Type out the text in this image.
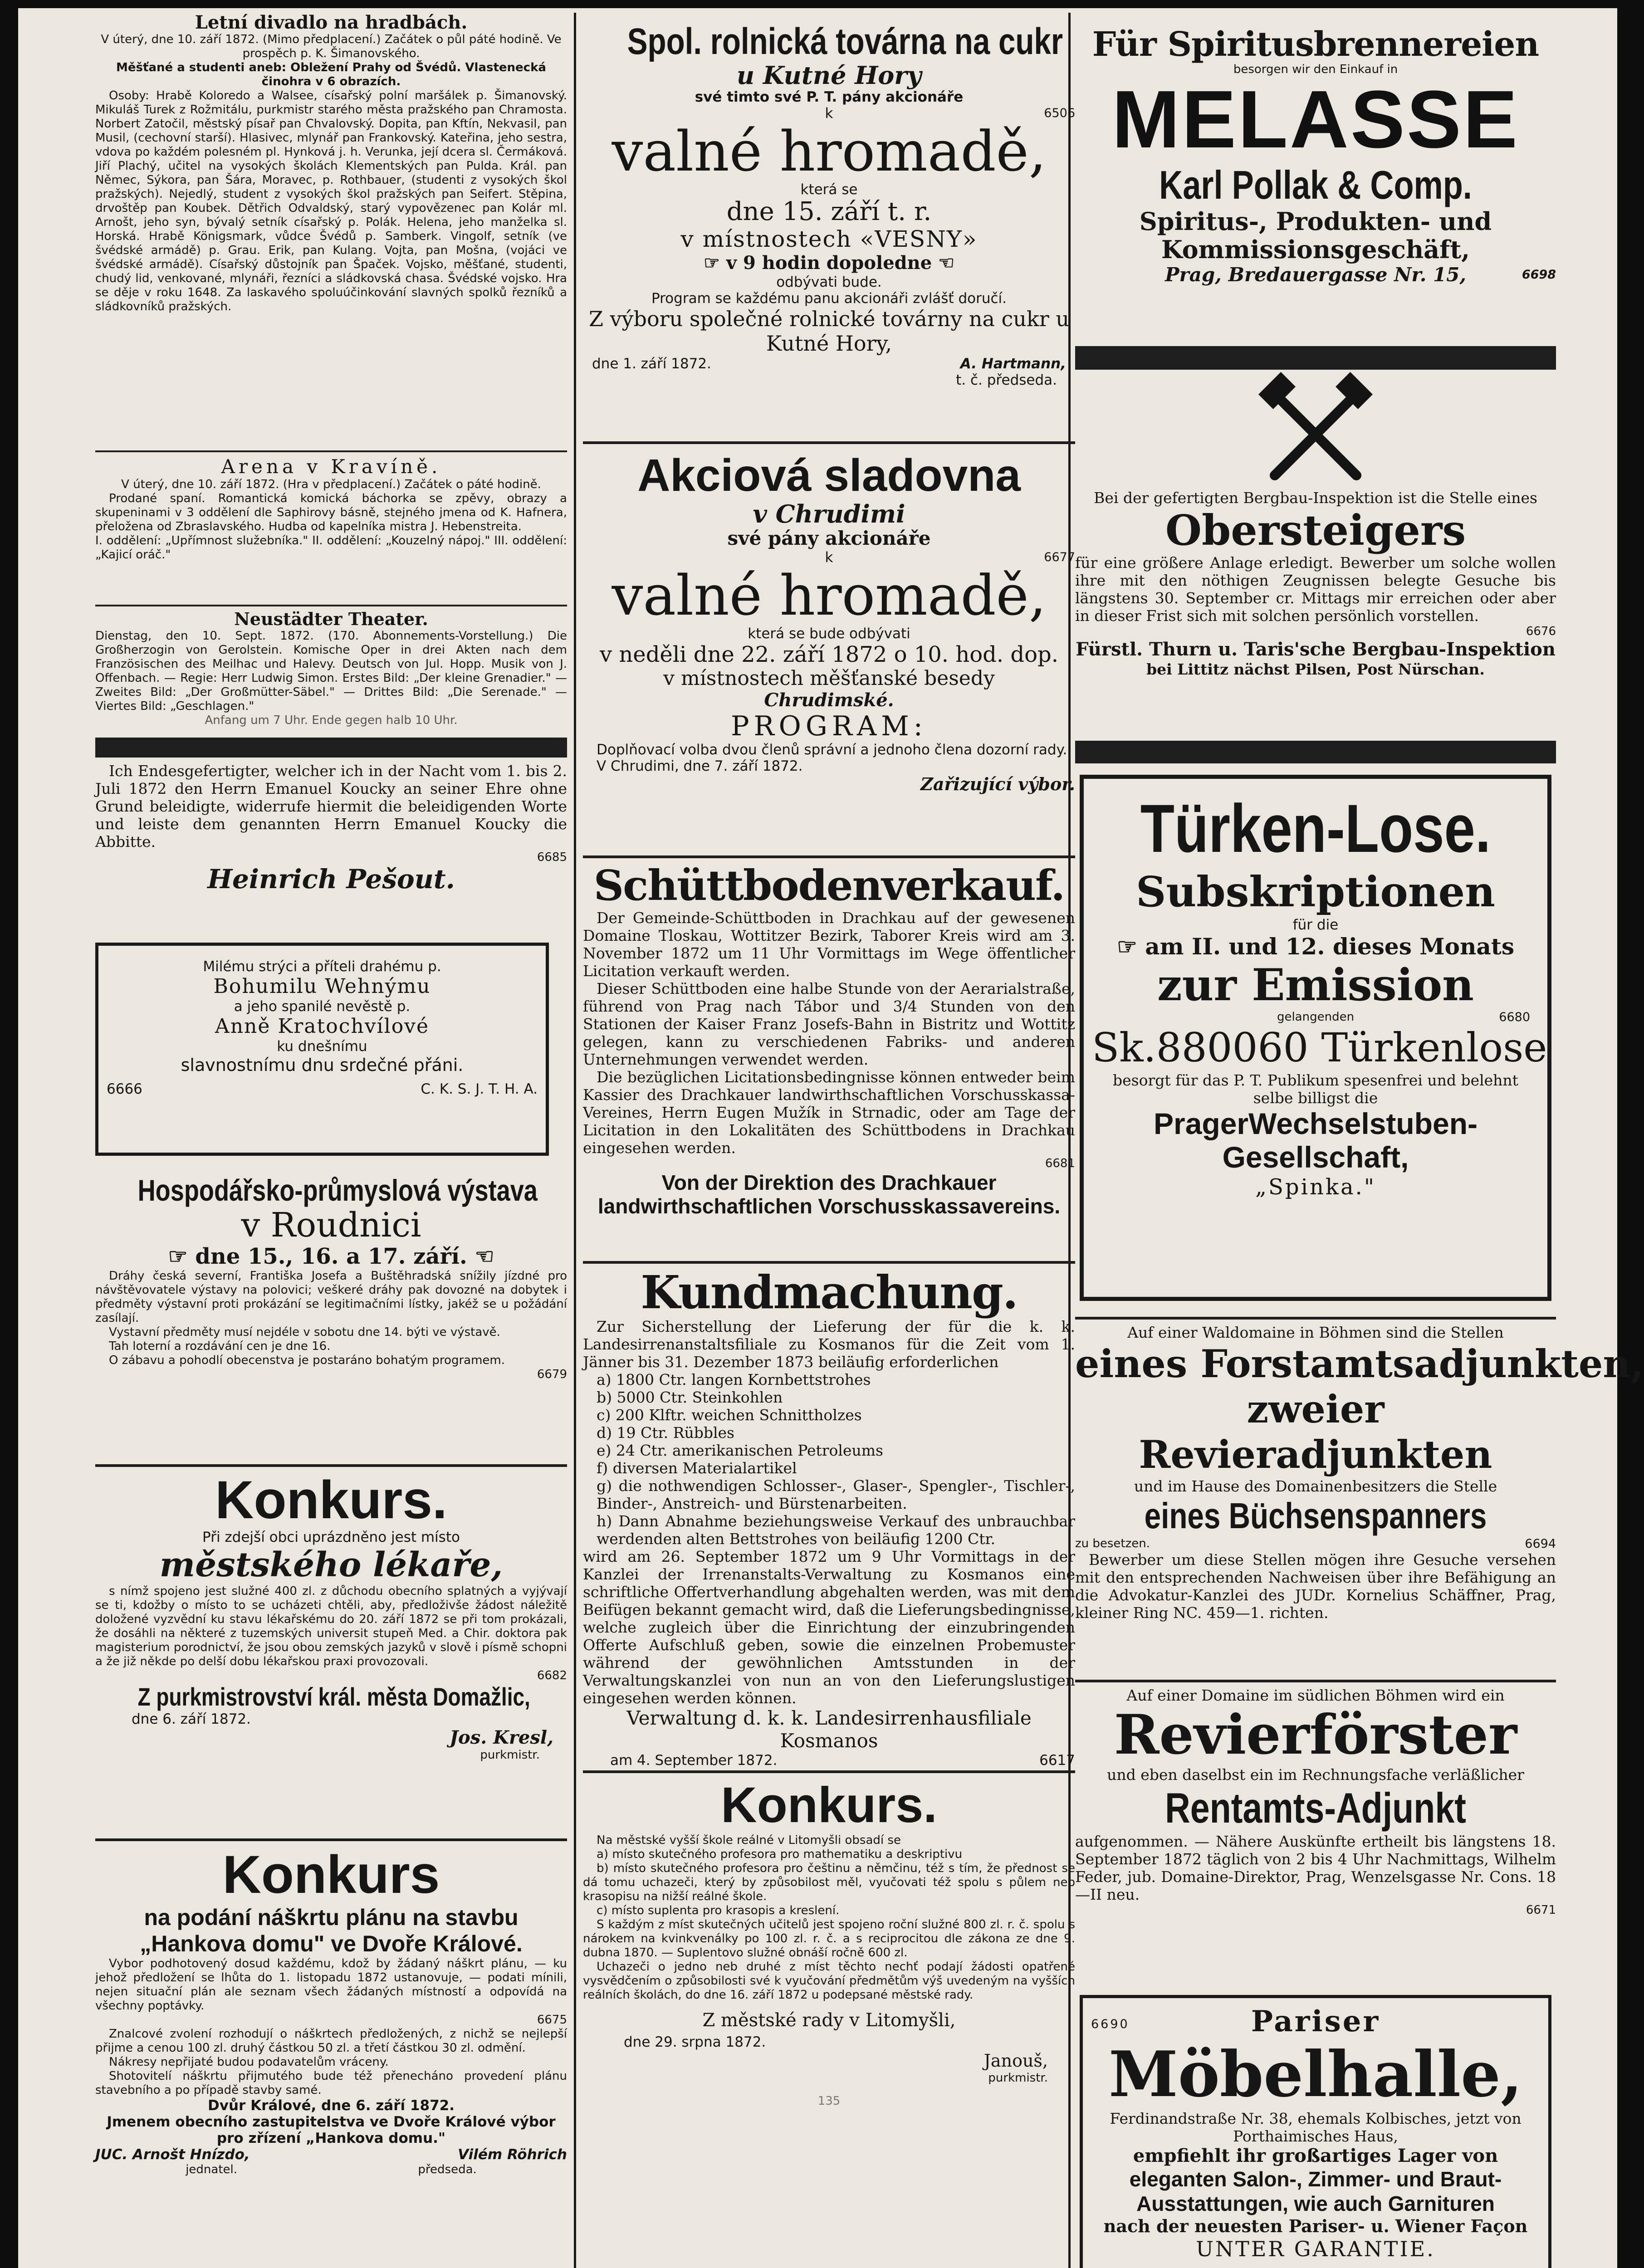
Letní divadlo na hradbách.

V úterý, dne 10. září 1872. (Mimo předplacení.) Začátek o půl páté hodině. Ve prospěch p. K. Šimanovského.

Měšťané a studenti aneb: Obležení Prahy od Švédů. Vlastenecká činohra v 6 obrazích.

Osoby: Hrabě Koloredo a Walsee, císařský polní maršálek p. Šimanovský. Mikuláš Turek z Rožmitálu, purkmistr starého města pražského pan Chramosta. Norbert Zatočil, městský písař pan Chvalovský. Dopita, pan Kftín, Nekvasil, pan Musil, (cechovní starší). Hlasivec, mlynář pan Frankovský. Kateřina, jeho sestra, vdova po každém polesném pl. Hynková j. h. Verunka, její dcera sl. Čermáková. Jiří Plachý, učitel na vysokých školách Klementských pan Pulda. Král. pan Němec, Sýkora, pan Šára, Moravec, p. Rothbauer, (studenti z vysokých škol pražských). Nejedlý, student z vysokých škol pražských pan Seifert. Stěpina, drvoštěp pan Koubek. Dětřich Odvaldský, starý vypovězenec pan Kolár ml. Arnošt, jeho syn, bývalý setník císařský p. Polák. Helena, jeho manželka sl. Horská. Hrabě Königsmark, vůdce Švédů p. Samberk. Vingolf, setník (ve švédské armádě) p. Grau. Erik, pan Kulang. Vojta, pan Mošna, (vojáci ve švédské armádě). Císařský důstojník pan Špaček. Vojsko, měšťané, studenti, chudý lid, venkované, mlynáři, řezníci a sládkovská chasa. Švédské vojsko. Hra se děje v roku 1648. Za laskavého spoluúčinkování slavných spolků řezníků a sládkovníků pražských.

Arena v Kravíně.

V úterý, dne 10. září 1872. (Hra v předplacení.) Začátek o páté hodině.

Prodané spaní. Romantická komická báchorka se zpěvy, obrazy a skupeninami v 3 oddělení dle Saphirovy básně, stejného jmena od K. Hafnera, přeložena od Zbraslavského. Hudba od kapelníka mistra J. Hebenstreita.

I. oddělení: „Upřímnost služebníka." II. oddělení: „Kouzelný nápoj." III. oddělení: „Kajicí oráč."

Neustädter Theater.

Dienstag, den 10. Sept. 1872. (170. Abonnements-Vorstellung.) Die Großherzogin von Gerolstein. Komische Oper in drei Akten nach dem Französischen des Meilhac und Halevy. Deutsch von Jul. Hopp. Musik von J. Offenbach. — Regie: Herr Ludwig Simon. Erstes Bild: „Der kleine Grenadier." — Zweites Bild: „Der Großmütter-Säbel." — Drittes Bild: „Die Serenade." — Viertes Bild: „Geschlagen."

Anfang um 7 Uhr. Ende gegen halb 10 Uhr.

Ich Endesgefertigter, welcher ich in der Nacht vom 1. bis 2. Juli 1872 den Herrn Emanuel Koucky an seiner Ehre ohne Grund beleidigte, widerrufe hiermit die beleidigenden Worte und leiste dem genannten Herrn Emanuel Koucky die Abbitte.

6685

Heinrich Pešout.

Milému strýci a příteli drahému p.

Bohumilu Wehnýmu

a jeho spanilé nevěstě p.

Anně Kratochvílové

ku dnešnímu

slavnostnímu dnu srdečné přáni.

6666	C. K. S. J. T. H. A.

Hospodářsko-průmyslová výstava

v Roudnici

☞ dne 15., 16. a 17. září. ☜

Dráhy česká severní, Františka Josefa a Buštěhradská snížily jízdné pro návštěvovatele výstavy na polovici; veškeré dráhy pak dovozné na dobytek i předměty výstavní proti prokázání se legitimačními lístky, jakéž se u požádání zasílají.

Vystavní předměty musí nejdéle v sobotu dne 14. býti ve výstavě.

Tah loterní a rozdávání cen je dne 16.

O zábavu a pohodlí obecenstva je postaráno bohatým programem.

6679

Konkurs.

Při zdejší obci uprázdněno jest místo

městského lékaře,

s nímž spojeno jest služné 400 zl. z důchodu obecního splatných a vyjývají se ti, kdožby o místo to se ucházeti chtěli, aby, předloživše žádost náležitě doložené vyzvědní ku stavu lékařskému do 20. září 1872 se při tom prokázali, že dosáhli na některé z tuzemských universit stupeň Med. a Chir. doktora pak magisterium porodnictví, že jsou obou zemských jazyků v slově i písmě schopni a že již někde po delší dobu lékařskou praxi provozovali.

6682

Z purkmistrovství král. města Domažlic,

dne 6. září 1872.

Jos. Kresl,

purkmistr.

Konkurs

na podání náškrtu plánu na stavbu „Hankova domu" ve Dvoře Králové.

Vybor podhotovený dosud každému, kdož by žádaný náškrt plánu, — ku jehož předložení se lhůta do 1. listopadu 1872 ustanovuje, — podati mínili, nejen situační plán ale seznam všech žádaných místností a odpovídá na všechny poptávky.

6675

Znalcové zvolení rozhodují o náškrtech předložených, z nichž se nejlepší přijme a cenou 100 zl. druhý částkou 50 zl. a třetí částkou 30 zl. odmění.

Nákresy nepřijaté budou podavatelům vráceny.

Shotovitelí náškrtu přijmutého bude též přenecháno provedení plánu stavebního a po případě stavby samé.

Dvůr Králové, dne 6. září 1872.

Jmenem obecního zastupitelstva ve Dvoře Králové výbor pro zřízení „Hankova domu."

JUC. Arnošt Hnízdo,	Vilém Röhrich

jednatel.	předseda.

Spol. rolnická továrna na cukr

u Kutné Hory

své timto své P. T. pány akcionáře

k	6506

valné hromadě,

která se

dne 15. září t. r.

v místnostech «VESNY»

☞ v 9 hodin dopoledne ☜

odbývati bude.

Program se každému panu akcionáři zvlášť doručí.

Z výboru společné rolnické továrny na cukr u Kutné Hory,

dne 1. září 1872.	A. Hartmann,

t. č. předseda.

Akciová sladovna

v Chrudimi

své pány akcionáře

k	6677

valné hromadě,

která se bude odbývati

v neděli dne 22. září 1872 o 10. hod. dop.

v místnostech měšťanské besedy

Chrudimské.

PROGRAM:

Doplňovací volba dvou členů správní a jednoho člena dozorní rady.

V Chrudimi, dne 7. září 1872.

Zařizující výbor.

Schüttbodenverkauf.

Der Gemeinde-Schüttboden in Drachkau auf der gewesenen Domaine Tloskau, Wottitzer Bezirk, Taborer Kreis wird am 3. November 1872 um 11 Uhr Vormittags im Wege öffentlicher Licitation verkauft werden.

Dieser Schüttboden eine halbe Stunde von der Aerarialstraße, führend von Prag nach Tábor und 3/4 Stunden von den Stationen der Kaiser Franz Josefs-Bahn in Bistritz und Wottitz gelegen, kann zu verschiedenen Fabriks- und anderen Unternehmungen verwendet werden.

Die bezüglichen Licitationsbedingnisse können entweder beim Kassier des Drachkauer landwirthschaftlichen Vorschusskassa-Vereines, Herrn Eugen Mužík in Strnadic, oder am Tage der Licitation in den Lokalitäten des Schüttbodens in Drachkau eingesehen werden.

6681

Von der Direktion des Drachkauer landwirthschaftlichen Vorschusskassavereins.

Kundmachung.

Zur Sicherstellung der Lieferung der für die k. k. Landesirrenanstaltsfiliale zu Kosmanos für die Zeit vom 1. Jänner bis 31. Dezember 1873 beiläufig erforderlichen

a) 1800 Ctr. langen Kornbettstrohes

b) 5000 Ctr. Steinkohlen

c) 200 Klftr. weichen Schnittholzes

d) 19 Ctr. Rübbles

e) 24 Ctr. amerikanischen Petroleums

f) diversen Materialartikel

g) die nothwendigen Schlosser-, Glaser-, Spengler-, Tischler-, Binder-, Anstreich- und Bürstenarbeiten.

h) Dann Abnahme beziehungsweise Verkauf des unbrauchbar werdenden alten Bettstrohes von beiläufig 1200 Ctr.

wird am 26. September 1872 um 9 Uhr Vormittags in der Kanzlei der Irrenanstalts-Verwaltung zu Kosmanos eine schriftliche Offertverhandlung abgehalten werden, was mit dem Beifügen bekannt gemacht wird, daß die Lieferungsbedingnisse, welche zugleich über die Einrichtung der einzubringenden Offerte Aufschluß geben, sowie die einzelnen Probemuster während der gewöhnlichen Amtsstunden in der Verwaltungskanzlei von nun an von den Lieferungslustigen eingesehen werden können.

Verwaltung d. k. k. Landesirrenhausfiliale Kosmanos

am 4. September 1872.	6617

Konkurs.

Na městské vyšší škole reálné v Litomyšli obsadí se

a) místo skutečného profesora pro mathematiku a deskriptivu

b) místo skutečného profesora pro češtinu a němčinu, též s tím, že přednost se dá tomu uchazeči, který by způsobilost měl, vyučovati též spolu s půlem neb krasopisu na nižší reálné škole.

c) místo suplenta pro krasopis a kreslení.

S každým z míst skutečných učitelů jest spojeno roční služné 800 zl. r. č. spolu s nárokem na kvinkvenálky po 100 zl. r. č. a s reciprocitou dle zákona ze dne 9. dubna 1870. — Suplentovo služné obnáší ročně 600 zl.

Uchazeči o jedno neb druhé z míst těchto nechť podají žádosti opatřené vysvědčením o způsobilosti své k vyučování předmětům výš uvedeným na vyšších reálních školách, do dne 16. září 1872 u podepsané městské rady.

Z městské rady v Litomyšli,

dne 29. srpna 1872.

Janouš,

purkmistr.

135

Für Spiritusbrennereien

besorgen wir den Einkauf in

MELASSE

Karl Pollak & Comp.

Spiritus-, Produkten- und Kommissionsgeschäft,

Prag, Bredauergasse Nr. 15,	6698

Bei der gefertigten Bergbau-Inspektion ist die Stelle eines

Obersteigers

für eine größere Anlage erledigt. Bewerber um solche wollen ihre mit den nöthigen Zeugnissen belegte Gesuche bis längstens 30. September cr. Mittags mir erreichen oder aber in dieser Frist sich mit solchen persönlich vorstellen.

6676

Fürstl. Thurn u. Taris'sche Bergbau-Inspektion

bei Littitz nächst Pilsen, Post Nürschan.

Türken-Lose.

Subskriptionen

für die

☞ am II. und 12. dieses Monats

zur Emission

gelangenden	6680

Sk.880060 Türkenlose

besorgt für das P. T. Publikum spesenfrei und belehnt selbe billigst die

PragerWechselstuben-Gesellschaft,

„Spinka."

Auf einer Waldomaine in Böhmen sind die Stellen

eines Forstamtsadjunkten,

zweier Revieradjunkten

und im Hause des Domainenbesitzers die Stelle

eines Büchsenspanners

zu besetzen.	6694

Bewerber um diese Stellen mögen ihre Gesuche versehen mit den entsprechenden Nachweisen über ihre Befähigung an die Advokatur-Kanzlei des JUDr. Kornelius Schäffner, Prag, kleiner Ring NC. 459—1. richten.

Auf einer Domaine im südlichen Böhmen wird ein

Revierförster

und eben daselbst ein im Rechnungsfache verläßlicher

Rentamts-Adjunkt

aufgenommen. — Nähere Auskünfte ertheilt bis längstens 18. September 1872 täglich von 2 bis 4 Uhr Nachmittags, Wilhelm Feder, jub. Domaine-Direktor, Prag, Wenzelsgasse Nr. Cons. 18—II neu.

6671

6690	Pariser

Möbelhalle,

Ferdinandstraße Nr. 38, ehemals Kolbisches, jetzt von Porthaimisches Haus,

empfiehlt ihr großartiges Lager von

eleganten Salon-, Zimmer- und Braut-Ausstattungen, wie auch Garnituren

nach der neuesten Pariser- u. Wiener Façon

UNTER GARANTIE.
